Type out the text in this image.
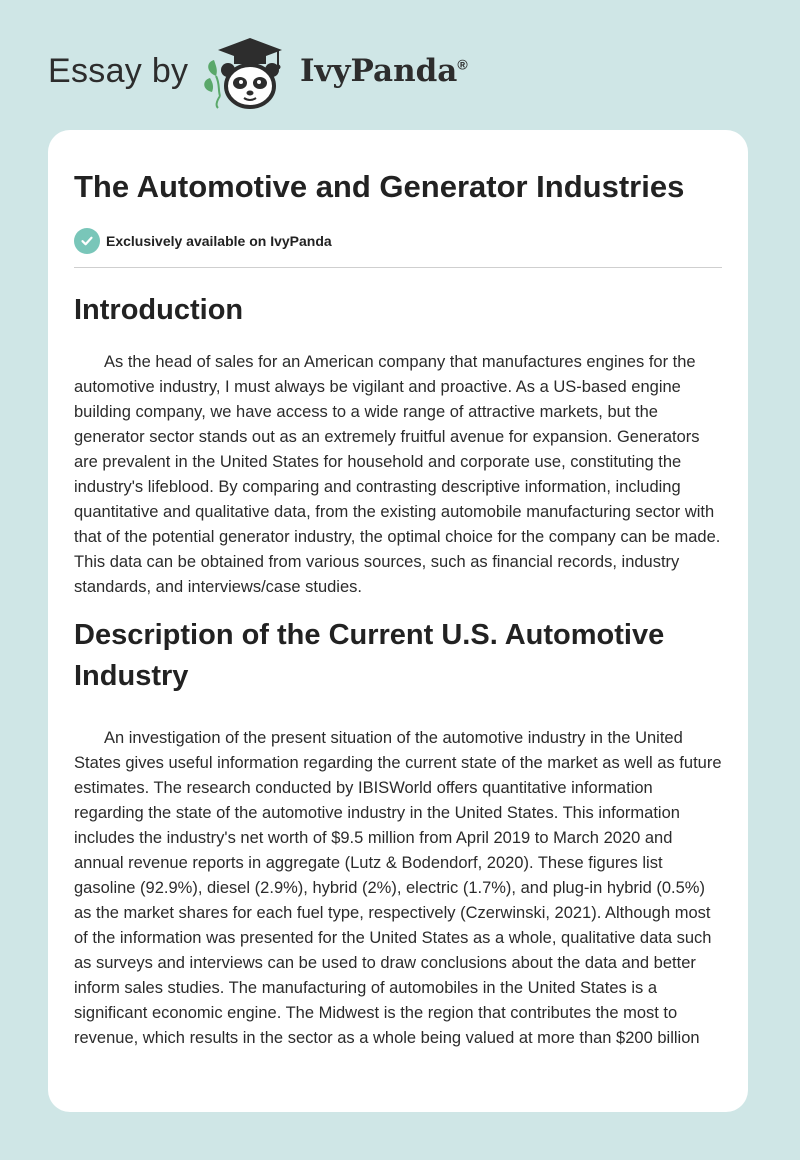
Essay by	IvyPanda®
The Automotive and Generator Industries
Exclusively available on IvyPanda
Introduction

As the head of sales for an American company that manufactures engines for the automotive industry, I must always be vigilant and proactive. As a US-based engine building company, we have access to a wide range of attractive markets, but the generator sector stands out as an extremely fruitful avenue for expansion. Generators are prevalent in the United States for household and corporate use, constituting the industry's lifeblood. By comparing and contrasting descriptive information, including quantitative and qualitative data, from the existing automobile manufacturing sector with that of the potential generator industry, the optimal choice for the company can be made. This data can be obtained from various sources, such as financial records, industry standards, and interviews/case studies.

Description of the Current U.S. Automotive Industry

An investigation of the present situation of the automotive industry in the United States gives useful information regarding the current state of the market as well as future estimates. The research conducted by IBISWorld offers quantitative information regarding the state of the automotive industry in the United States. This information includes the industry's net worth of $9.5 million from April 2019 to March 2020 and annual revenue reports in aggregate (Lutz & Bodendorf, 2020). These figures list gasoline (92.9%), diesel (2.9%), hybrid (2%), electric (1.7%), and plug-in hybrid (0.5%) as the market shares for each fuel type, respectively (Czerwinski, 2021). Although most of the information was presented for the United States as a whole, qualitative data such as surveys and interviews can be used to draw conclusions about the data and better inform sales studies. The manufacturing of automobiles in the United States is a significant economic engine. The Midwest is the region that contributes the most to revenue, which results in the sector as a whole being valued at more than $200 billion
